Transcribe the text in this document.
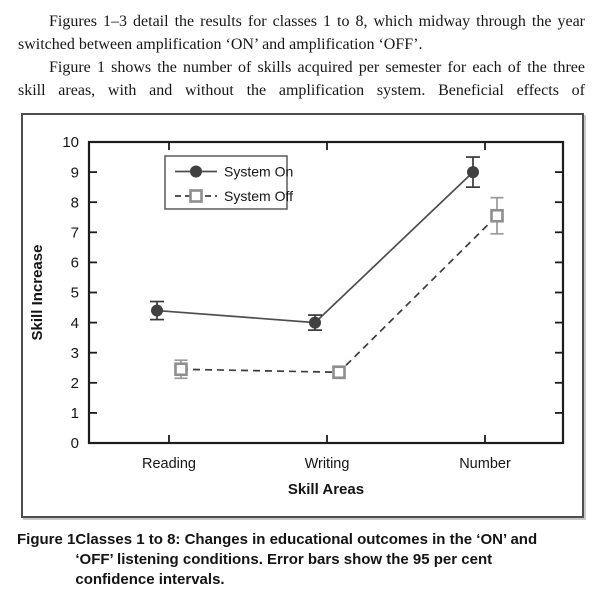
Figures 1–3 detail the results for classes 1 to 8, which midway through the year switched between amplification ‘ON’ and amplification ‘OFF’.

Figure 1 shows the number of skills acquired per semester for each of the three skill areas, with and without the amplification system. Beneficial effects of

0
1
2
3
4
5
6
7
8
9
10
Reading	Writing	Number
Skill Increase
Skill Areas
System On
System Off
Figure 1 Classes 1 to 8: Changes in educational outcomes in the ‘ON’ and ‘OFF’ listening conditions. Error bars show the 95 per cent confidence intervals.
